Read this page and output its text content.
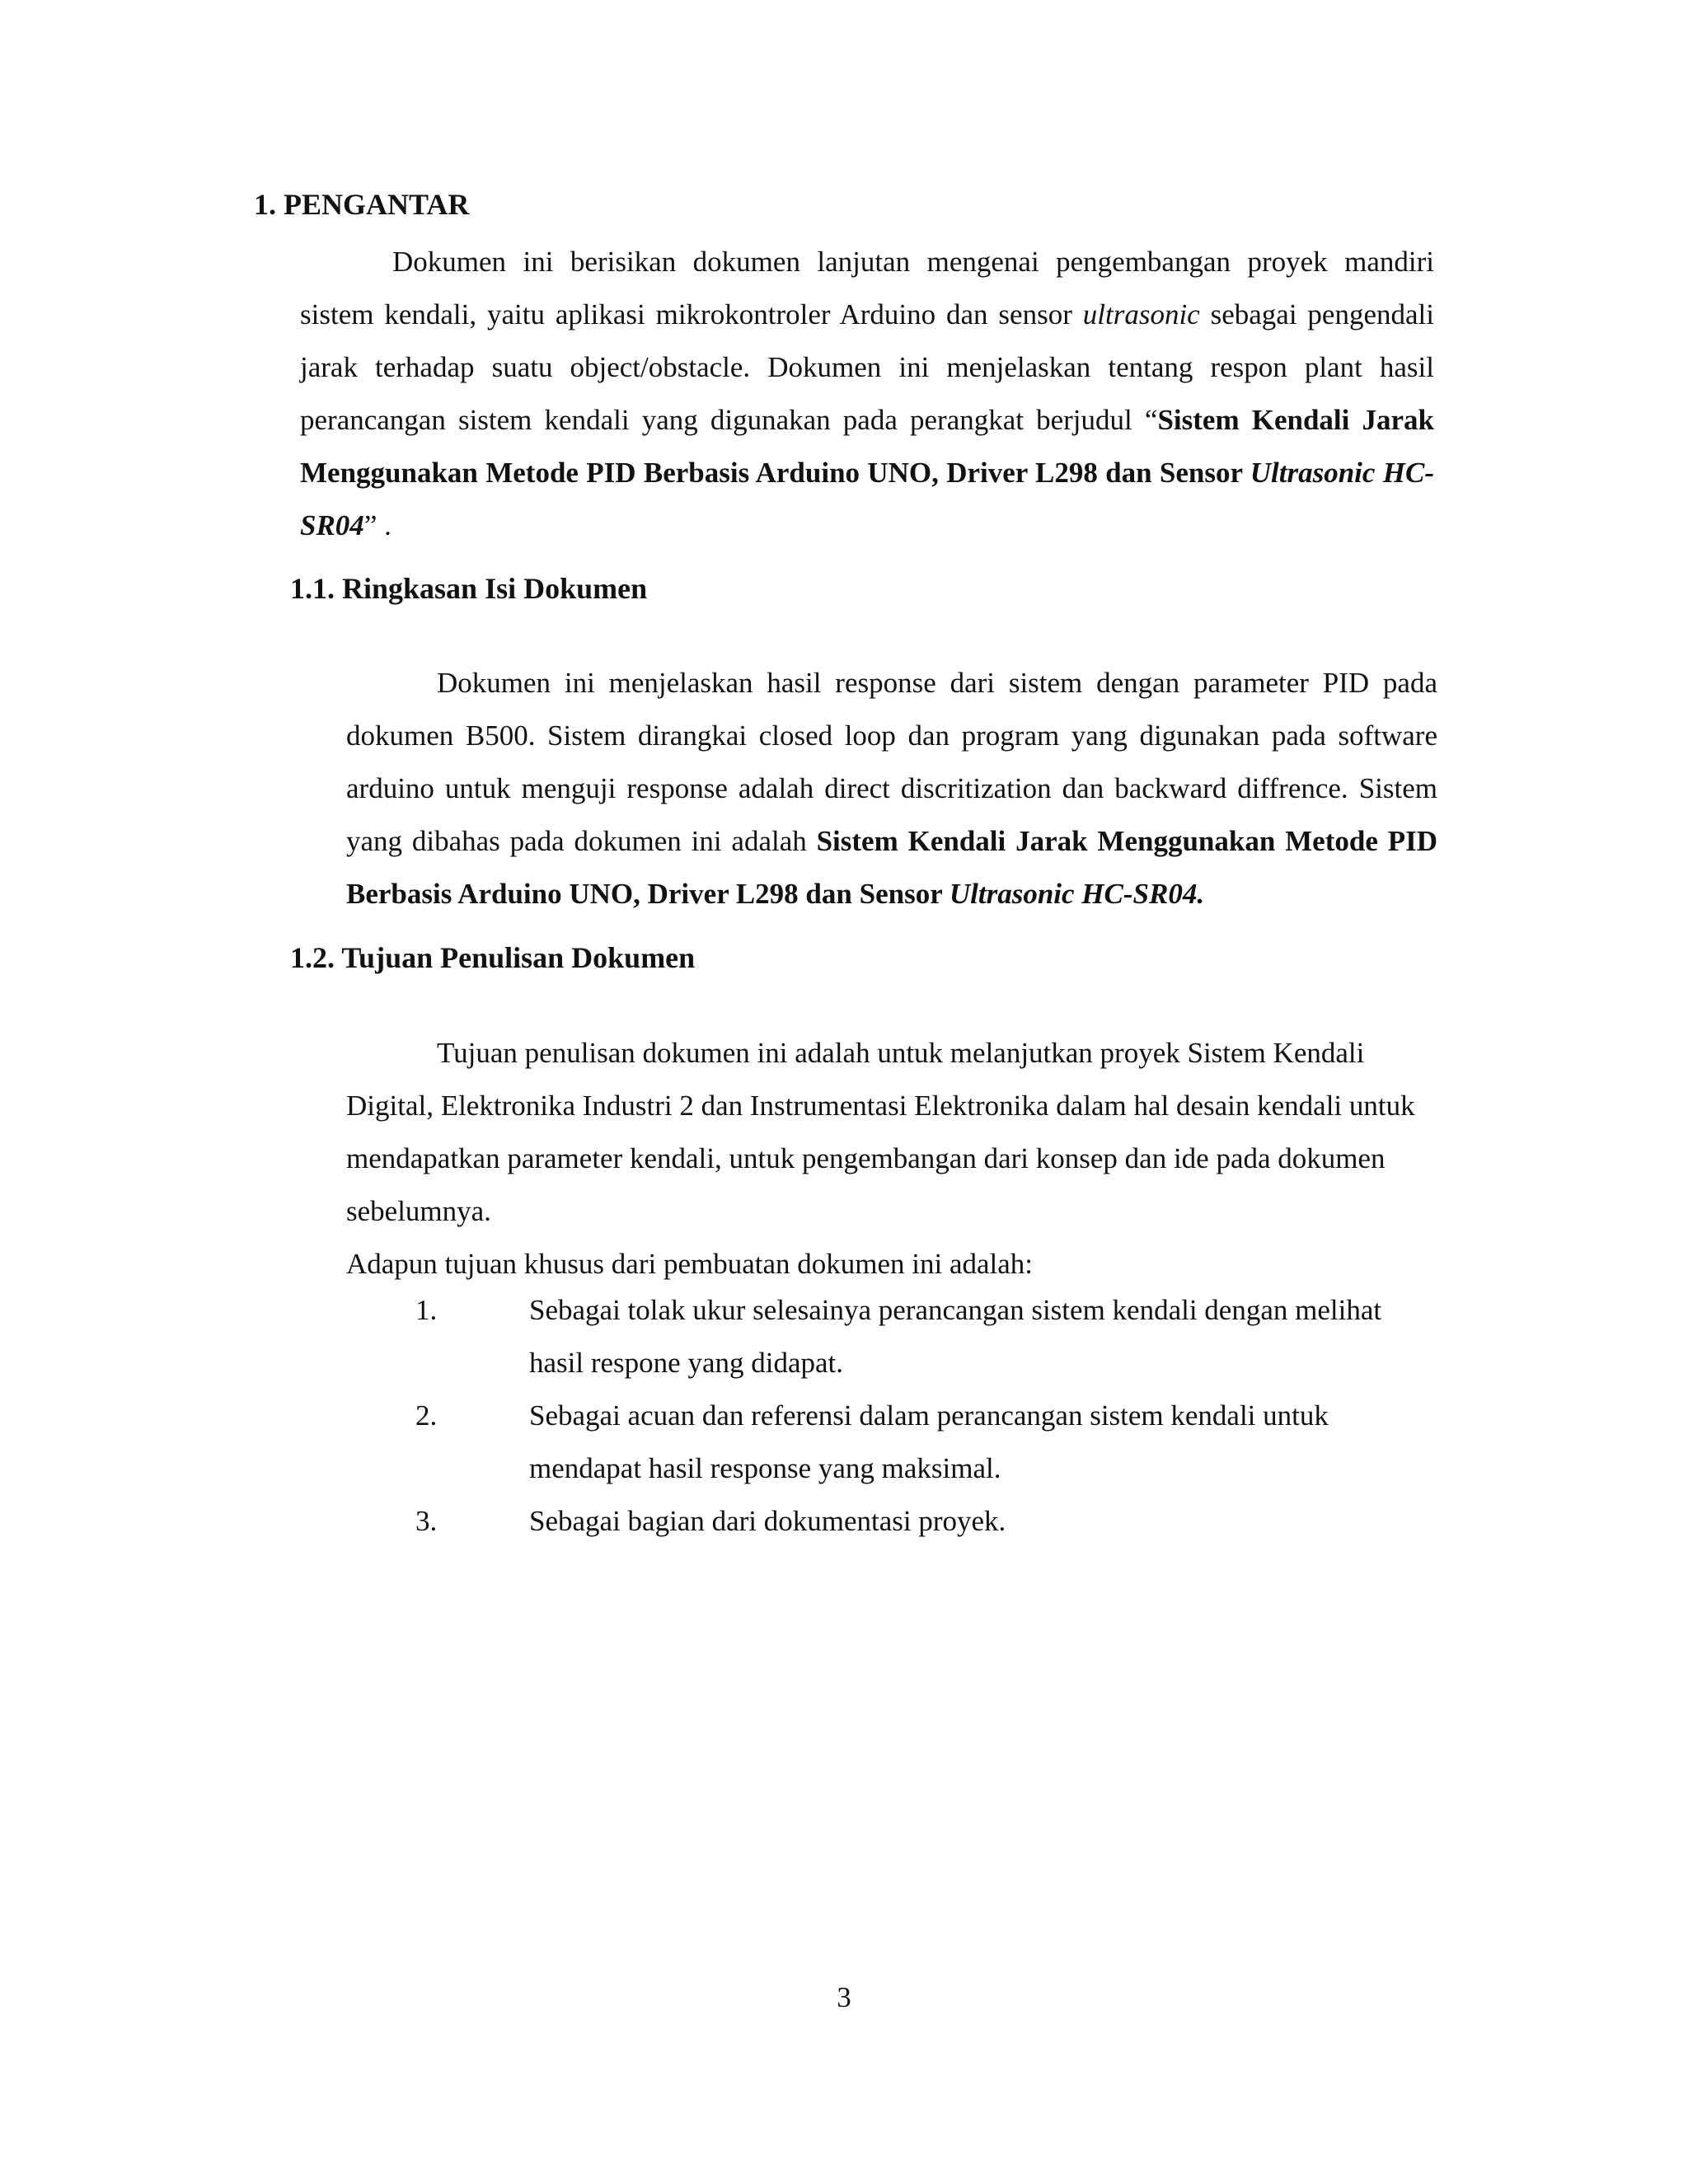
1. PENGANTAR

Dokumen ini berisikan dokumen lanjutan mengenai pengembangan proyek mandiri sistem kendali, yaitu aplikasi mikrokontroler Arduino dan sensor ultrasonic sebagai pengendali jarak terhadap suatu object/obstacle. Dokumen ini menjelaskan tentang respon plant hasil perancangan sistem kendali yang digunakan pada perangkat berjudul “Sistem Kendali Jarak Menggunakan Metode PID Berbasis Arduino UNO, Driver L298 dan Sensor Ultrasonic HC-SR04” .

1.1. Ringkasan Isi Dokumen

Dokumen ini menjelaskan hasil response dari sistem dengan parameter PID pada dokumen B500. Sistem dirangkai closed loop dan program yang digunakan pada software arduino untuk menguji response adalah direct discritization dan backward diffrence. Sistem yang dibahas pada dokumen ini adalah Sistem Kendali Jarak Menggunakan Metode PID Berbasis Arduino UNO, Driver L298 dan Sensor Ultrasonic HC-SR04.

1.2. Tujuan Penulisan Dokumen

Tujuan penulisan dokumen ini adalah untuk melanjutkan proyek Sistem Kendali Digital, Elektronika Industri 2 dan Instrumentasi Elektronika dalam hal desain kendali untuk mendapatkan parameter kendali, untuk pengembangan dari konsep dan ide pada dokumen sebelumnya.

Adapun tujuan khusus dari pembuatan dokumen ini adalah:

1.	Sebagai tolak ukur selesainya perancangan sistem kendali dengan melihat hasil respone yang didapat.
2.	Sebagai acuan dan referensi dalam perancangan sistem kendali untuk mendapat hasil response yang maksimal.
3.	Sebagai bagian dari dokumentasi proyek.
3
